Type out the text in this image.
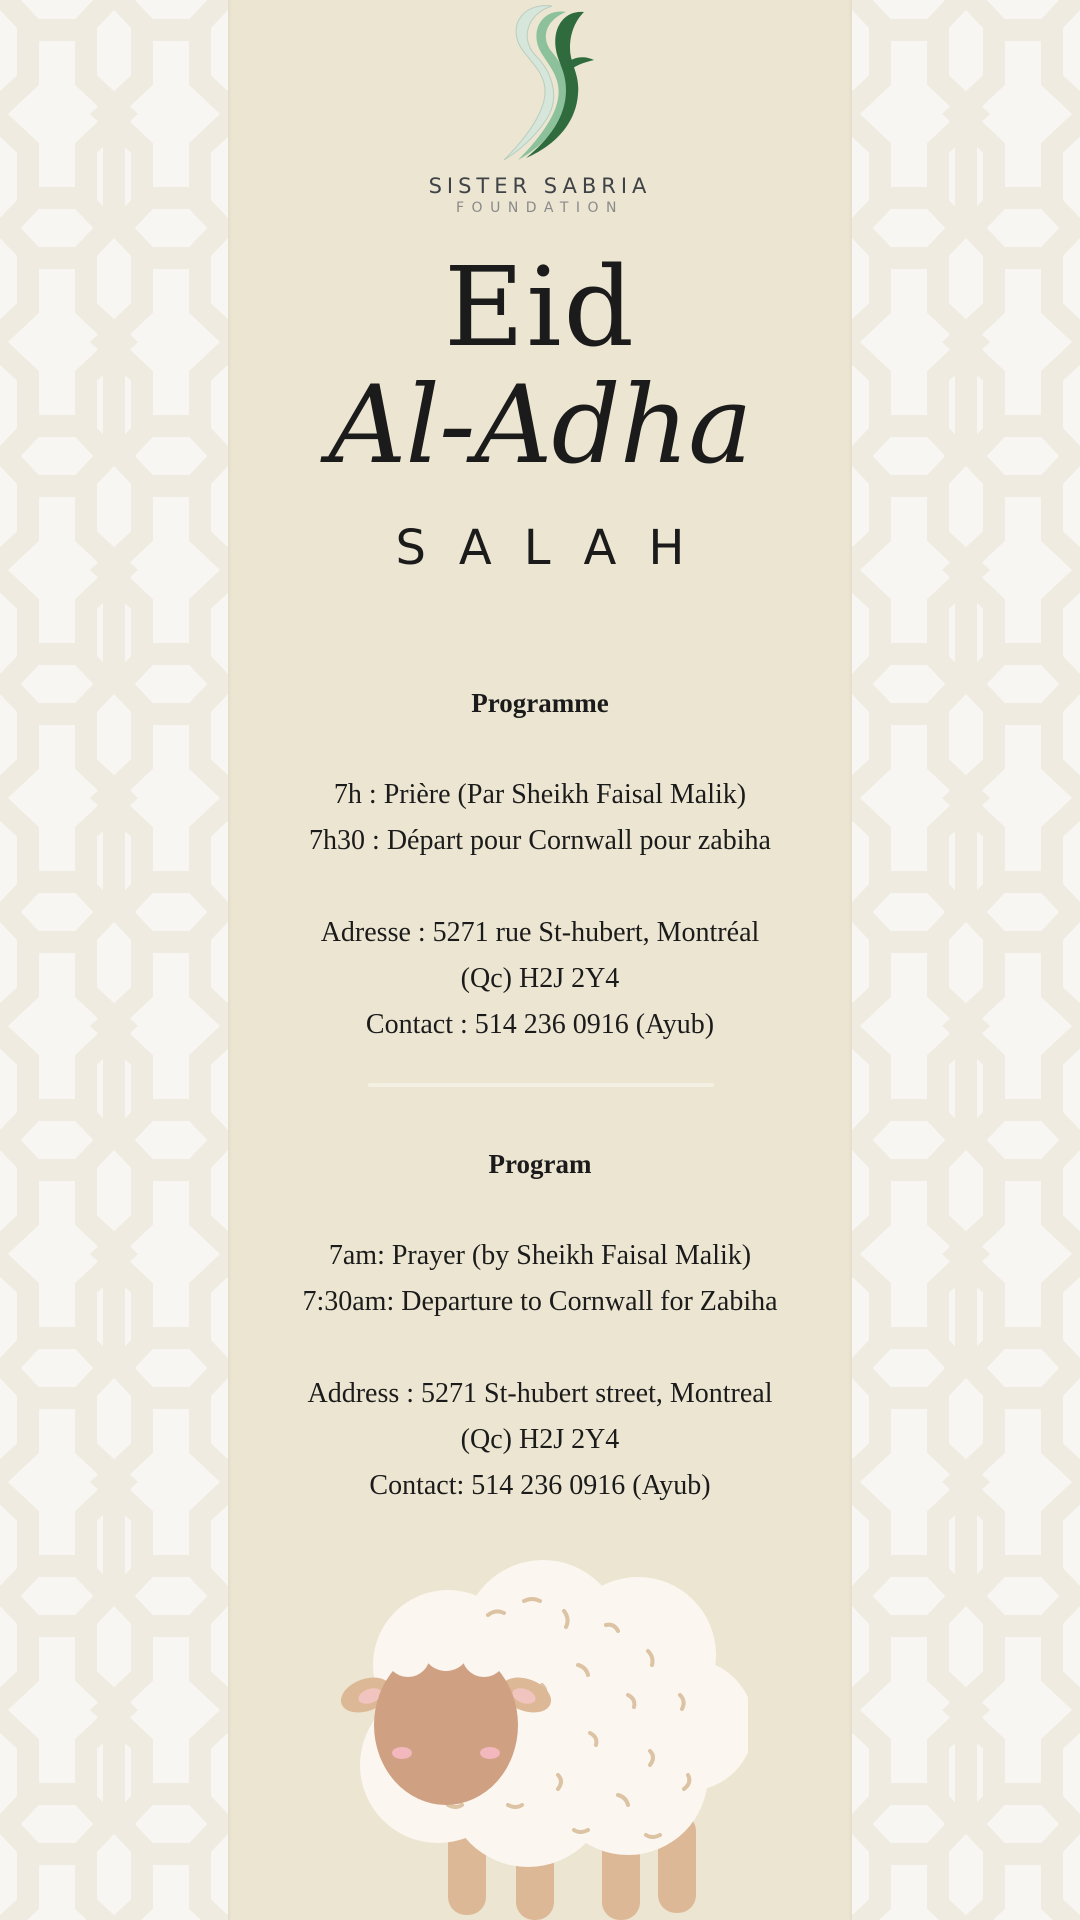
SISTER SABRIA
FOUNDATION
Eid
Al-Adha
SALAH
Programme
7h : Prière (Par Sheikh Faisal Malik)
7h30 : Départ pour Cornwall pour zabiha
Adresse : 5271 rue St-hubert, Montréal
(Qc) H2J 2Y4
Contact : 514 236 0916 (Ayub)
Program
7am: Prayer (by Sheikh Faisal Malik)
7:30am: Departure to Cornwall for Zabiha
Address : 5271 St-hubert street, Montreal
(Qc) H2J 2Y4
Contact: 514 236 0916 (Ayub)
